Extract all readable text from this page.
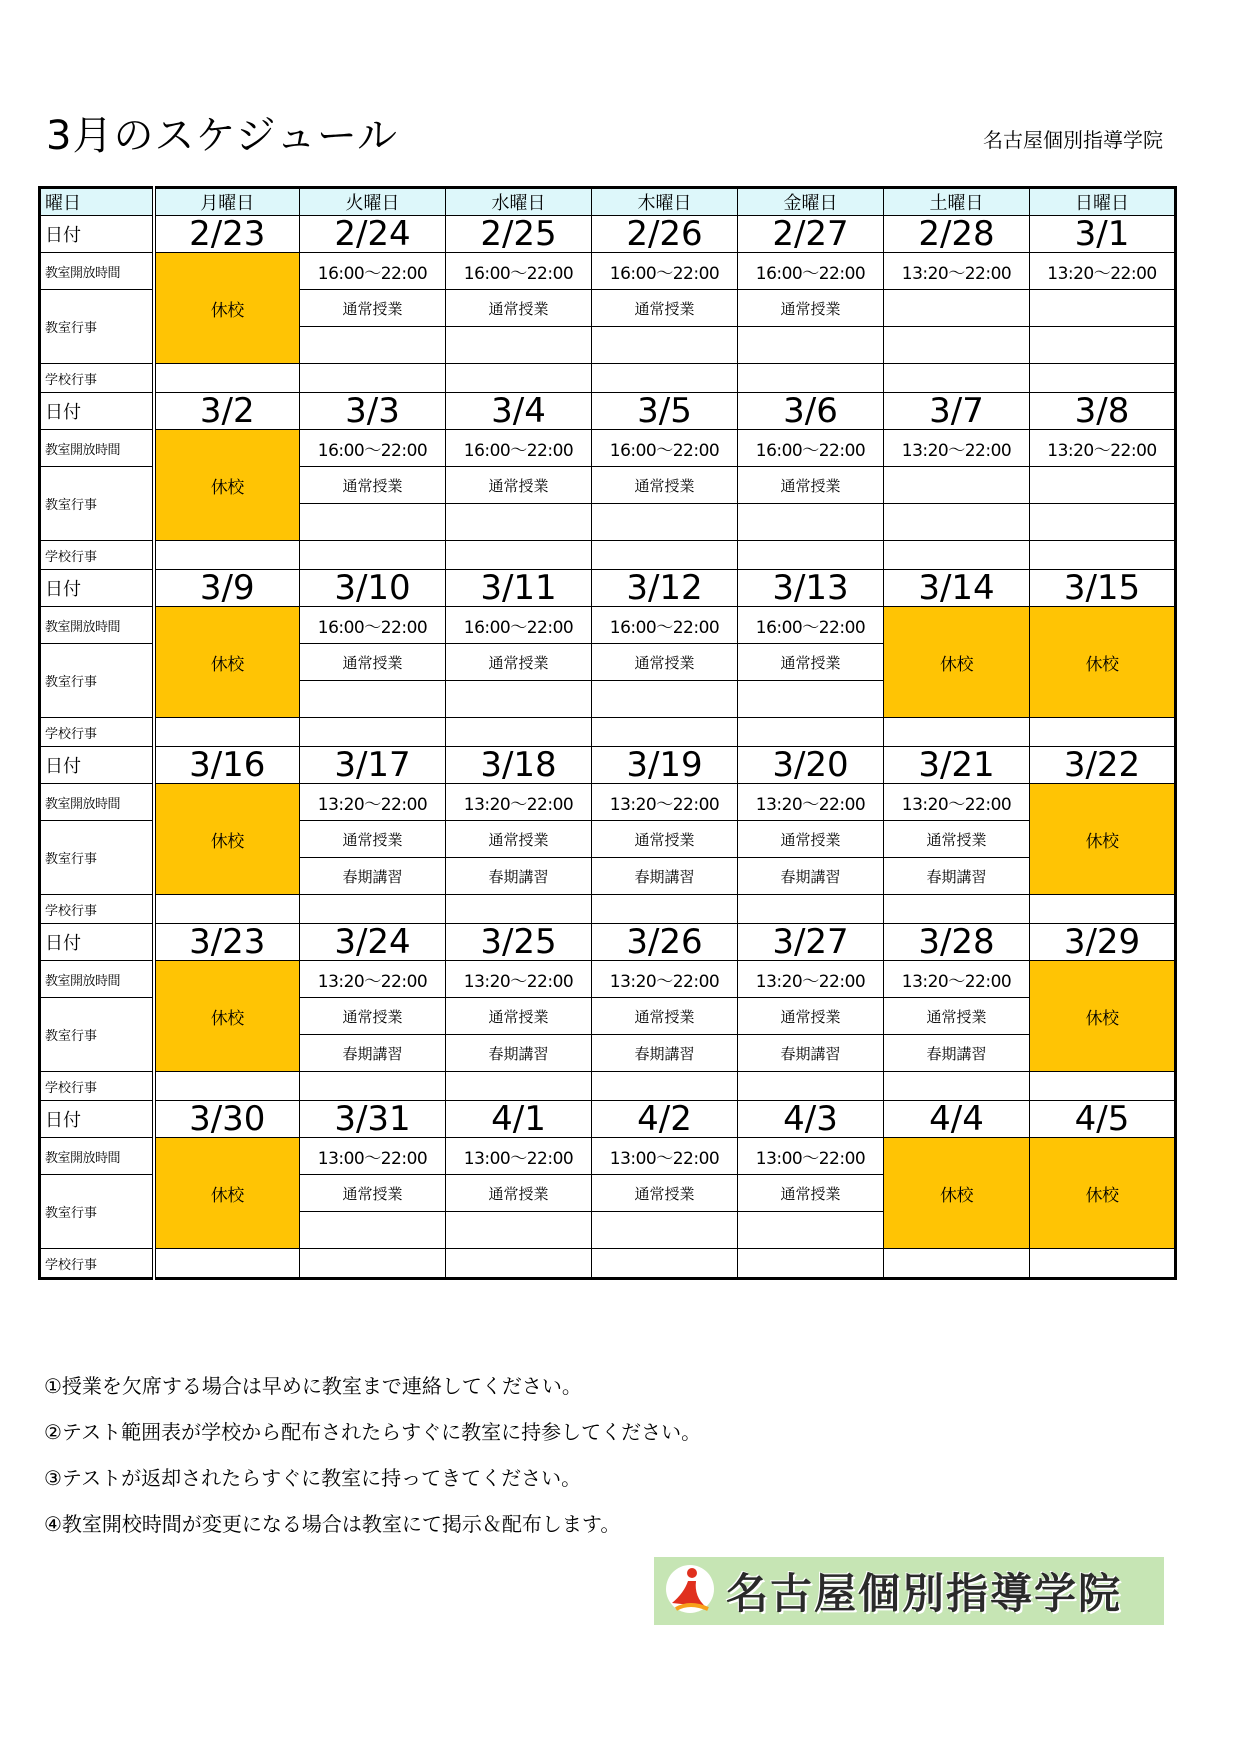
3月のスケジュール	名古屋個別指導学院
曜日	月曜日	火曜日	水曜日	木曜日	金曜日	土曜日	日曜日
日付	2/23	2/24	2/25	2/26	2/27	2/28	3/1
教室開放時間	休校	16:00〜22:00	16:00〜22:00	16:00〜22:00	16:00〜22:00	13:20〜22:00	13:20〜22:00
教室行事		通常授業	通常授業	通常授業	通常授業		

学校行事							
日付	3/2	3/3	3/4	3/5	3/6	3/7	3/8
教室開放時間	休校	16:00〜22:00	16:00〜22:00	16:00〜22:00	16:00〜22:00	13:20〜22:00	13:20〜22:00
教室行事		通常授業	通常授業	通常授業	通常授業		

学校行事							
日付	3/9	3/10	3/11	3/12	3/13	3/14	3/15
教室開放時間	休校	16:00〜22:00	16:00〜22:00	16:00〜22:00	16:00〜22:00	休校	休校
教室行事		通常授業	通常授業	通常授業	通常授業		

学校行事							
日付	3/16	3/17	3/18	3/19	3/20	3/21	3/22
教室開放時間	休校	13:20〜22:00	13:20〜22:00	13:20〜22:00	13:20〜22:00	13:20〜22:00	休校
教室行事		通常授業	通常授業	通常授業	通常授業	通常授業	
		春期講習	春期講習	春期講習	春期講習	春期講習	
学校行事							
日付	3/23	3/24	3/25	3/26	3/27	3/28	3/29
教室開放時間	休校	13:20〜22:00	13:20〜22:00	13:20〜22:00	13:20〜22:00	13:20〜22:00	休校
教室行事		通常授業	通常授業	通常授業	通常授業	通常授業	
		春期講習	春期講習	春期講習	春期講習	春期講習	
学校行事							
日付	3/30	3/31	4/1	4/2	4/3	4/4	4/5
教室開放時間	休校	13:00〜22:00	13:00〜22:00	13:00〜22:00	13:00〜22:00	休校	休校
教室行事		通常授業	通常授業	通常授業	通常授業		

学校行事							
①授業を欠席する場合は早めに教室まで連絡してください。
②テスト範囲表が学校から配布されたらすぐに教室に持参してください。
③テストが返却されたらすぐに教室に持ってきてください。
④教室開校時間が変更になる場合は教室にて掲示＆配布します。
名古屋個別指導学院
